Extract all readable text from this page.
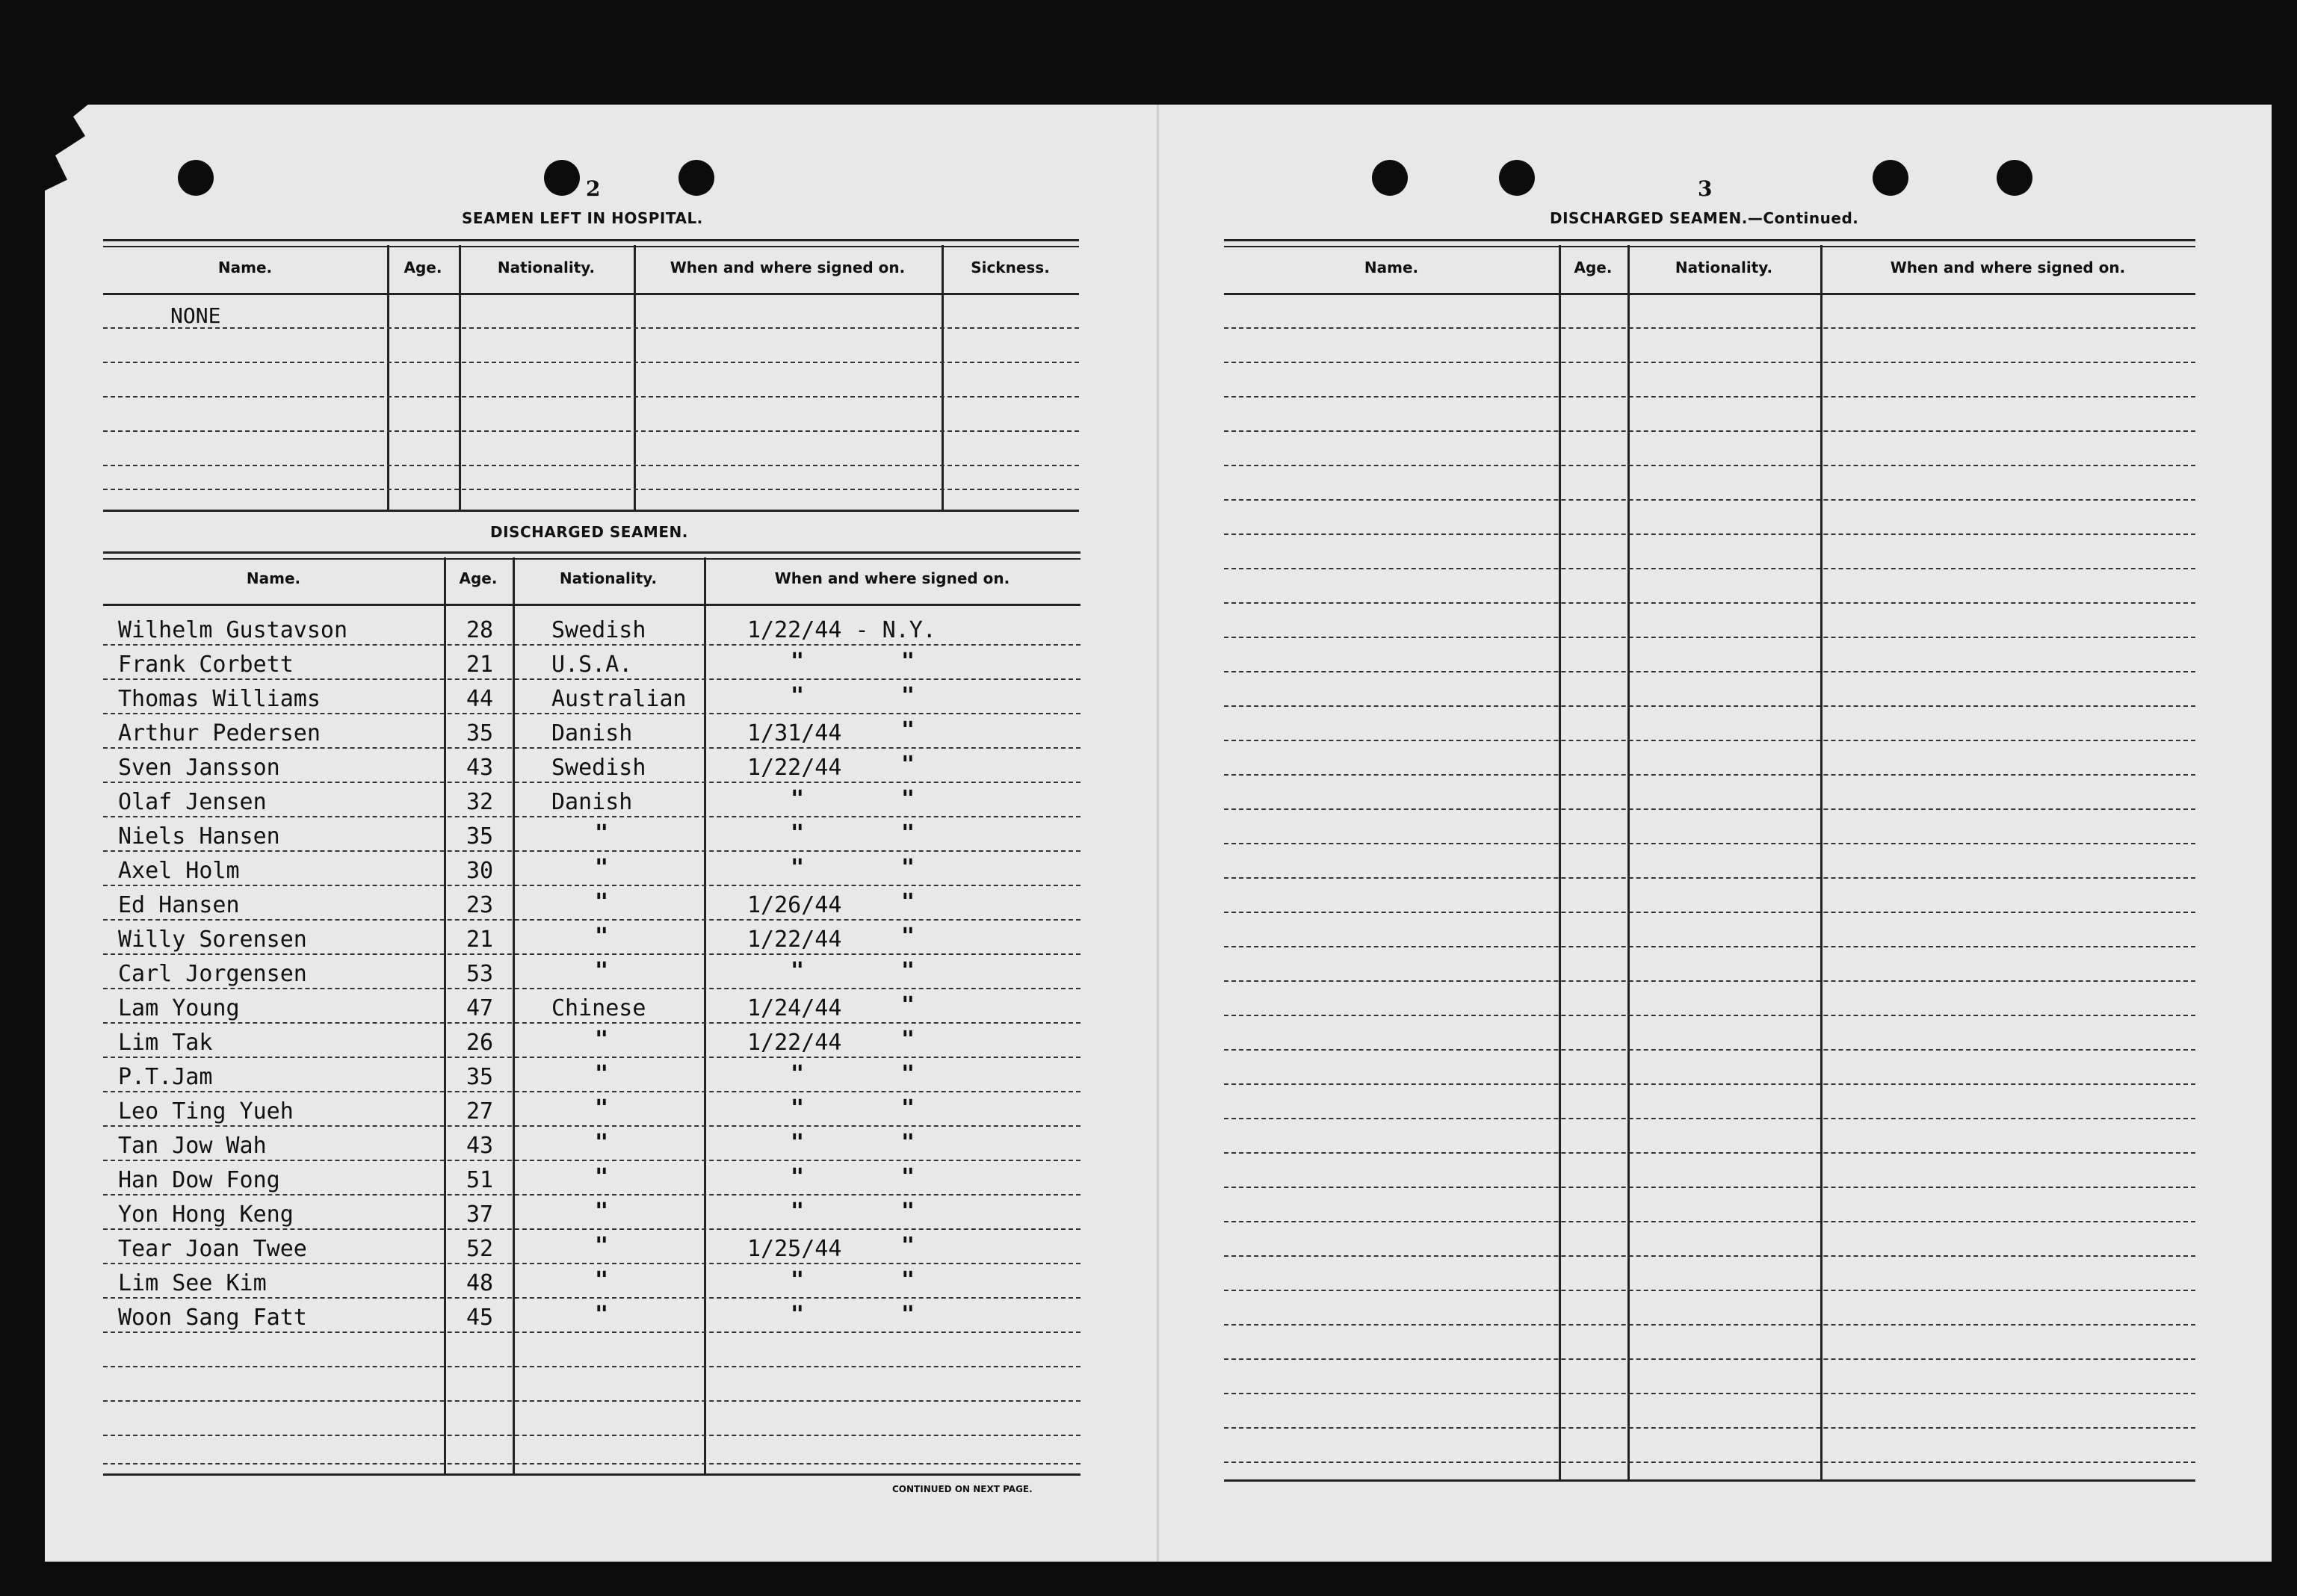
2
SEAMEN LEFT IN HOSPITAL.
Name.	Age.	Nationality.	When and where signed on.	Sickness.
NONE
DISCHARGED SEAMEN.
Name.	Age.	Nationality.	When and where signed on.
Wilhelm Gustavson	28	Swedish	1/22/44 - N.Y.
Frank Corbett	21	U.S.A.	"	"
Thomas Williams	44	Australian	"	"
Arthur Pedersen	35	Danish	1/31/44	"
Sven Jansson	43	Swedish	1/22/44	"
Olaf Jensen	32	Danish	"	"
Niels Hansen	35	"	"	"
Axel Holm	30	"	"	"
Ed Hansen	23	"	1/26/44	"
Willy Sorensen	21	"	1/22/44	"
Carl Jorgensen	53	"	"	"
Lam Young	47	Chinese	1/24/44	"
Lim Tak	26	"	1/22/44	"
P.T.Jam	35	"	"	"
Leo Ting Yueh	27	"	"	"
Tan Jow Wah	43	"	"	"
Han Dow Fong	51	"	"	"
Yon Hong Keng	37	"	"	"
Tear Joan Twee	52	"	1/25/44	"
Lim See Kim	48	"	"	"
Woon Sang Fatt	45	"	"	"
CONTINUED ON NEXT PAGE.
3
DISCHARGED SEAMEN.—Continued.
Name.	Age.	Nationality.	When and where signed on.
